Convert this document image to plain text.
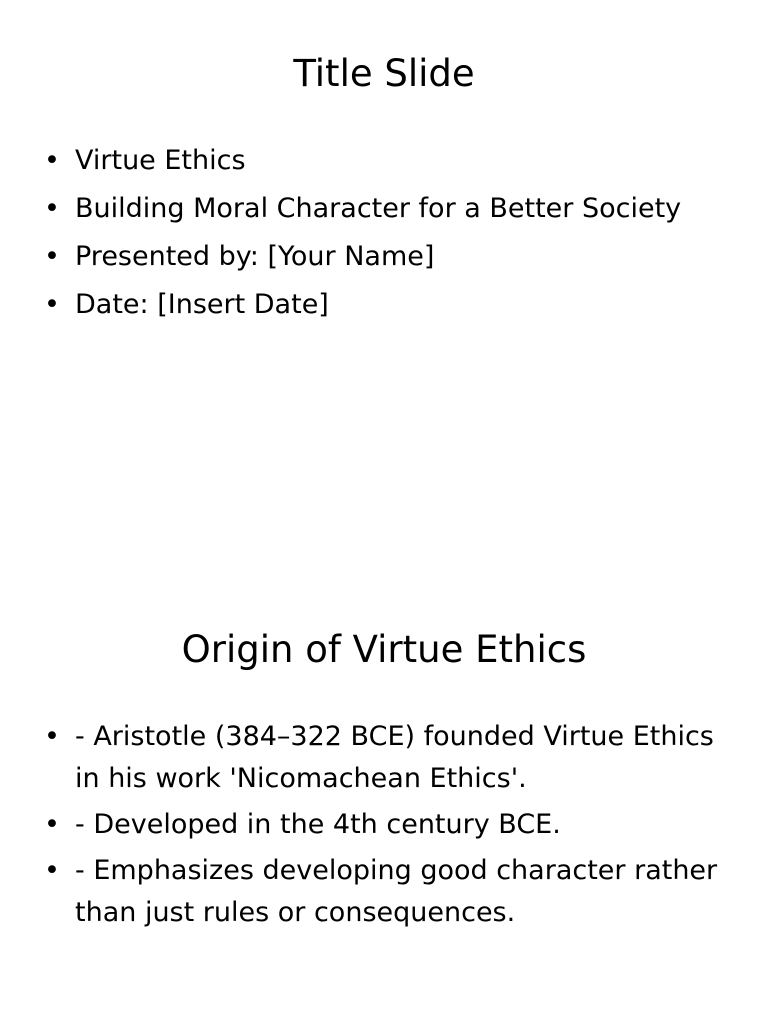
Title Slide
• Virtue Ethics
• Building Moral Character for a Better Society
• Presented by: [Your Name]
• Date: [Insert Date]
Origin of Virtue Ethics
• - Aristotle (384–322 BCE) founded Virtue Ethics in his work 'Nicomachean Ethics'.
• - Developed in the 4th century BCE.
• - Emphasizes developing good character rather than just rules or consequences.
